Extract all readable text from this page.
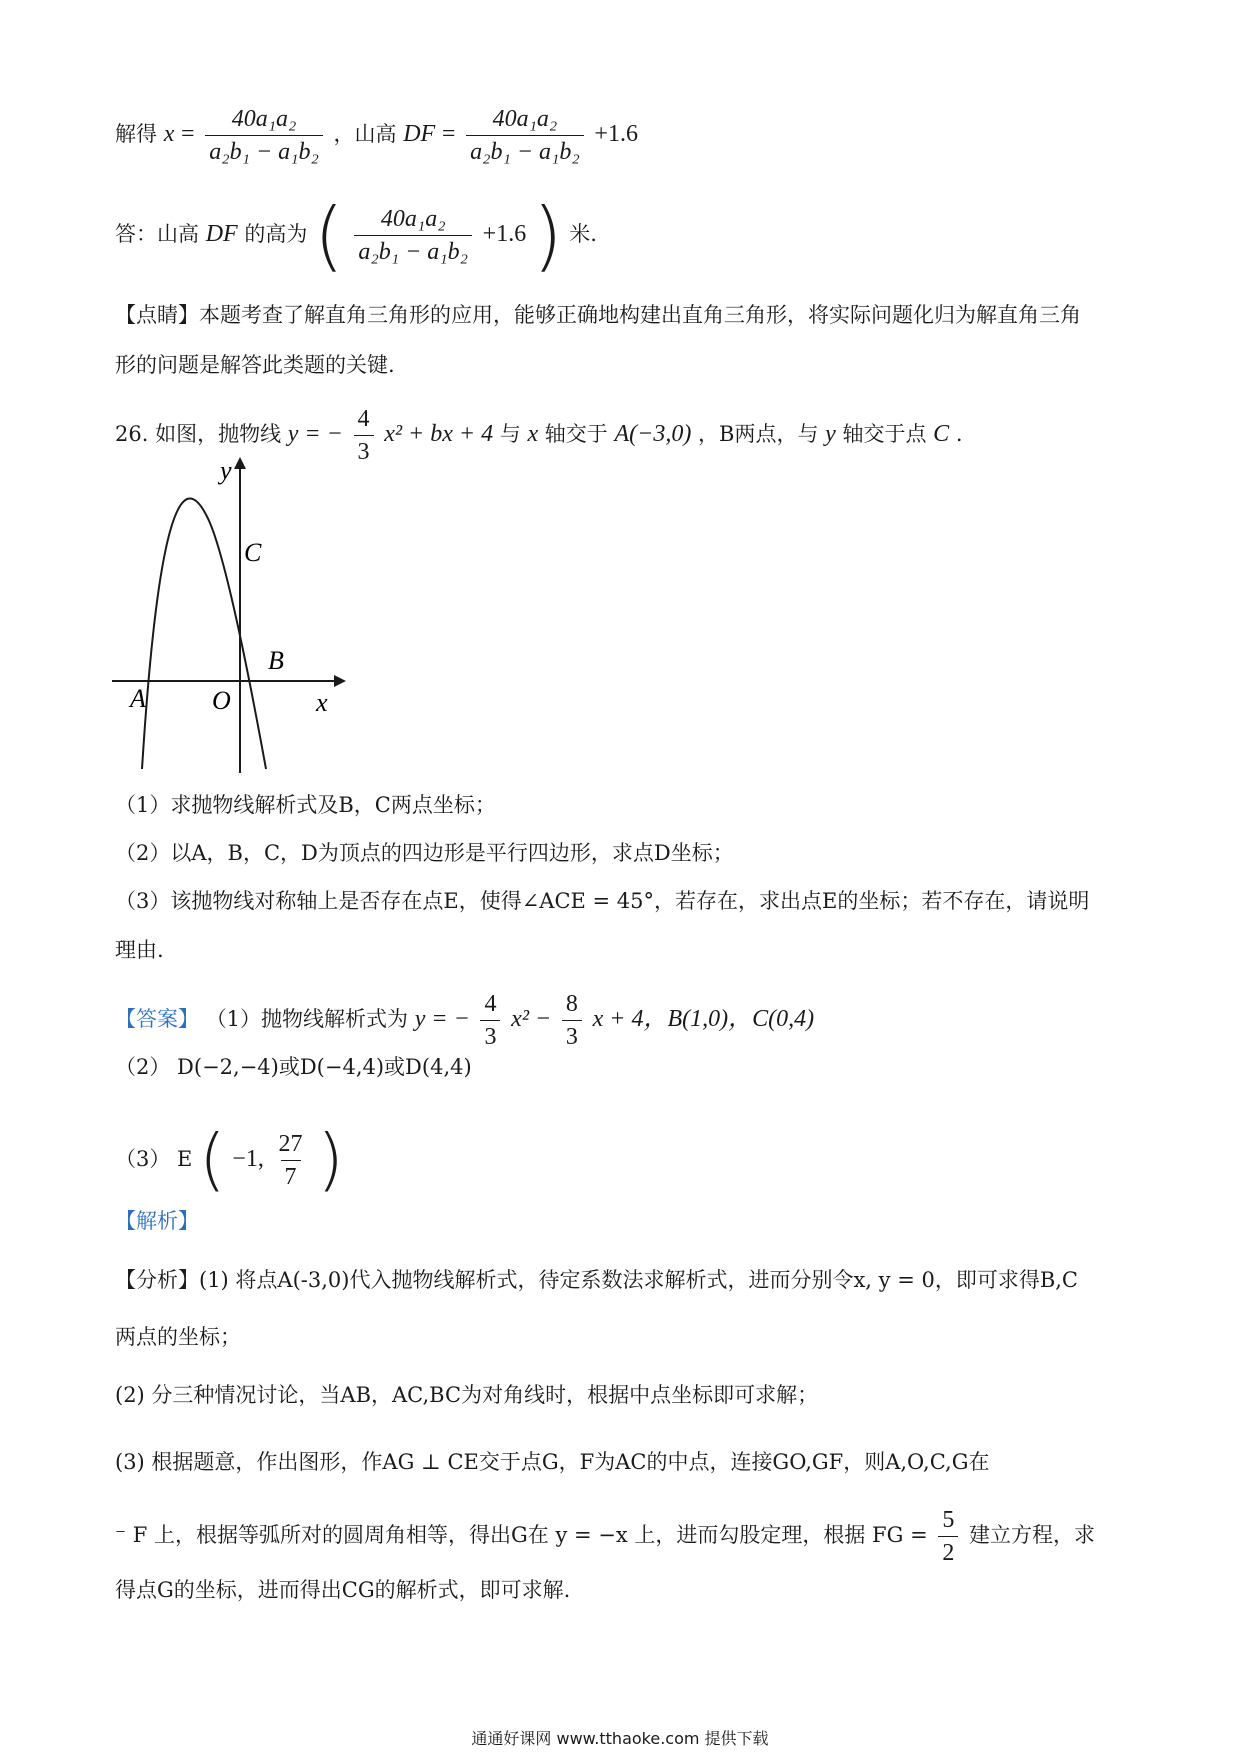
解得 $x = \frac{\text{40a₁a₂}}{\text{a₂b₁ − a₁b₂}}$ ，山高 DF = $\frac{\text{40a₁a₂}}{\text{a₂b₁ − a₁b₂}} +1.6$
答：山高 DF 的高为 ( $\frac{\text{40a₁a₂}}{\text{a₂b₁ − a₁b₂}} +1.6$ ) 米.
【点睛】本题考查了解直角三角形的应用，能够正确地构建出直角三角形，将实际问题化归为解直角三角
形的问题是解答此类题的关键.
26. 如图，抛物线 y = − $\frac{4}{3} x^2$ + bx + 4 与 x 轴交于 A(−3,0) ，B两点，与 y 轴交于点 C .
y
x
A	O
B
C
（1）求抛物线解析式及B，C两点坐标；
（2）以A，B，C，D为顶点的四边形是平行四边形，求点D坐标；
（3）该抛物线对称轴上是否存在点E，使得∠ACE = 45°，若存在，求出点E的坐标；若不存在，请说明
理由.
【答案】 （1）抛物线解析式为 y = − $\frac{4}{3} x^2 - \frac{8}{3}$ x + 4，B(1,0)，C(0,4)
（2） D(−2,−4)或D(−4,4)或D(4,4)
（3） E ( −1, $\frac{27}{7}$ )
【解析】
【分析】(1) 将点A(-3,0)代入抛物线解析式，待定系数法求解析式，进而分别令x, y = 0，即可求得B,C
两点的坐标；
(2) 分三种情况讨论，当AB，AC,BC为对角线时，根据中点坐标即可求解；
(3) 根据题意，作出图形，作AG ⊥ CE交于点G，F为AC的中点，连接GO,GF，则A,O,C,G在
⁻ F 上，根据等弧所对的圆周角相等，得出G在 y = −x 上，进而勾股定理，根据 FG = $\frac{5}{2}$ 建立方程，求
得点G的坐标，进而得出CG的解析式，即可求解.
通通好课网 www.tthaoke.com 提供下载
